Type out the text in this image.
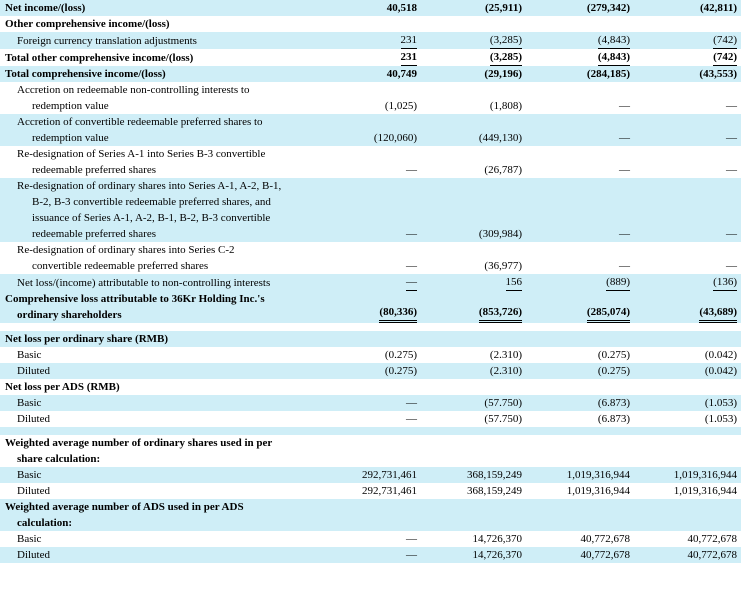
Net income/(loss)	40,518	(25,911)	(279,342)	(42,811)
Other comprehensive income/(loss)				
Foreign currency translation adjustments	231	(3,285)	(4,843)	(742)
Total other comprehensive income/(loss)	231	(3,285)	(4,843)	(742)
Total comprehensive income/(loss)	40,749	(29,196)	(284,185)	(43,553)

Accretion on redeemable non-controlling interests to
redemption value	(1,025)	(1,808)	—	—

Accretion of convertible redeemable preferred shares to
redemption value	(120,060)	(449,130)	—	—

Re-designation of Series A-1 into Series B-3 convertible
redeemable preferred shares	—	(26,787)	—	—

Re-designation of ordinary shares into Series A-1, A-2, B-1,
B-2, B-3 convertible redeemable preferred shares, and
issuance of Series A-1, A-2, B-1, B-2, B-3 convertible
redeemable preferred shares	—	(309,984)	—	—

Re-designation of ordinary shares into Series C-2
convertible redeemable preferred shares	—	(36,977)	—	—
Net loss/(income) attributable to non-controlling interests	—	156	(889)	(136)

Comprehensive loss attributable to 36Kr Holding Inc.'s
ordinary shareholders	(80,336)	(853,726)	(285,074)	(43,689)

Net loss per ordinary share (RMB)				
Basic	(0.275)	(2.310)	(0.275)	(0.042)
Diluted	(0.275)	(2.310)	(0.275)	(0.042)
Net loss per ADS (RMB)				
Basic	—	(57.750)	(6.873)	(1.053)
Diluted	—	(57.750)	(6.873)	(1.053)

Weighted average number of ordinary shares used in per
share calculation:				

Basic	292,731,461	368,159,249	1,019,316,944	1,019,316,944
Diluted	292,731,461	368,159,249	1,019,316,944	1,019,316,944

Weighted average number of ADS used in per ADS
calculation:				

Basic	—	14,726,370	40,772,678	40,772,678
Diluted	—	14,726,370	40,772,678	40,772,678
